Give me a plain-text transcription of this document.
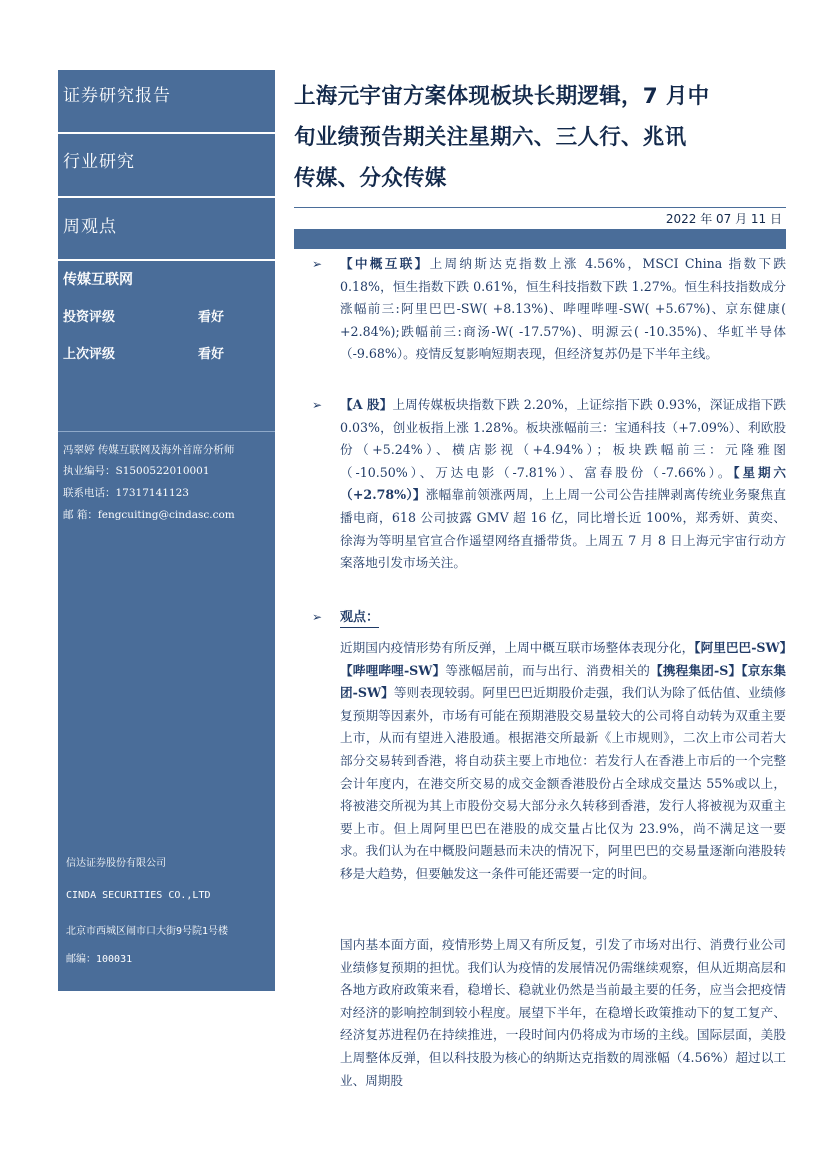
证券研究报告
行业研究
周观点
传媒互联网
投资评级	看好
上次评级	看好
冯翠婷 传媒互联网及海外首席分析师
执业编号：S1500522010001
联系电话：17317141123
邮 箱：fengcuiting@cindasc.com
信达证券股份有限公司
CINDA SECURITIES CO.,LTD
北京市西城区闹市口大街9号院1号楼
邮编：100031
上海元宇宙方案体现板块长期逻辑，7 月中
旬业绩预告期关注星期六、三人行、兆讯
传媒、分众传媒
2022 年 07 月 11 日
➢ 【中概互联】上周纳斯达克指数上涨 4.56%，MSCI China 指数下跌 0.18%，恒生指数下跌 0.61%，恒生科技指数下跌 1.27%。恒生科技指数成分涨幅前三:阿里巴巴-SW( +8.13%)、哔哩哔哩-SW( +5.67%)、京东健康( +2.84%);跌幅前三:商汤-W( -17.57%)、明源云( -10.35%)、华虹半导体（-9.68%）。疫情反复影响短期表现，但经济复苏仍是下半年主线。
➢ 【A 股】上周传媒板块指数下跌 2.20%，上证综指下跌 0.93%，深证成指下跌 0.03%，创业板指上涨 1.28%。板块涨幅前三：宝通科技（+7.09%）、利欧股份（+5.24%）、横店影视（+4.94%）；板块跌幅前三：元隆雅图（-10.50%）、万达电影（-7.81%）、富春股份（-7.66%）。【星期六（+2.78%）】涨幅靠前领涨两周，上上周一公司公告挂牌剥离传统业务聚焦直播电商，618 公司披露 GMV 超 16 亿，同比增长近 100%，郑秀妍、黄奕、徐海为等明星官宣合作遥望网络直播带货。上周五 7 月 8 日上海元宇宙行动方案落地引发市场关注。
➢ 观点：
近期国内疫情形势有所反弹，上周中概互联市场整体表现分化，【阿里巴巴-SW】【哔哩哔哩-SW】等涨幅居前，而与出行、消费相关的【携程集团-S】【京东集团-SW】等则表现较弱。阿里巴巴近期股价走强，我们认为除了低估值、业绩修复预期等因素外，市场有可能在预期港股交易量较大的公司将自动转为双重主要上市，从而有望进入港股通。根据港交所最新《上市规则》，二次上市公司若大部分交易转到香港，将自动获主要上市地位：若发行人在香港上市后的一个完整会计年度内，在港交所交易的成交金额香港股份占全球成交量达 55%或以上，将被港交所视为其上市股份交易大部分永久转移到香港，发行人将被视为双重主要上市。但上周阿里巴巴在港股的成交量占比仅为 23.9%，尚不满足这一要求。我们认为在中概股问题悬而未决的情况下，阿里巴巴的交易量逐渐向港股转移是大趋势，但要触发这一条件可能还需要一定的时间。
国内基本面方面，疫情形势上周又有所反复，引发了市场对出行、消费行业公司业绩修复预期的担忧。我们认为疫情的发展情况仍需继续观察，但从近期高层和各地方政府政策来看，稳增长、稳就业仍然是当前最主要的任务，应当会把疫情对经济的影响控制到较小程度。展望下半年，在稳增长政策推动下的复工复产、经济复苏进程仍在持续推进，一段时间内仍将成为市场的主线。国际层面，美股上周整体反弹，但以科技股为核心的纳斯达克指数的周涨幅（4.56%）超过以工业、周期股
